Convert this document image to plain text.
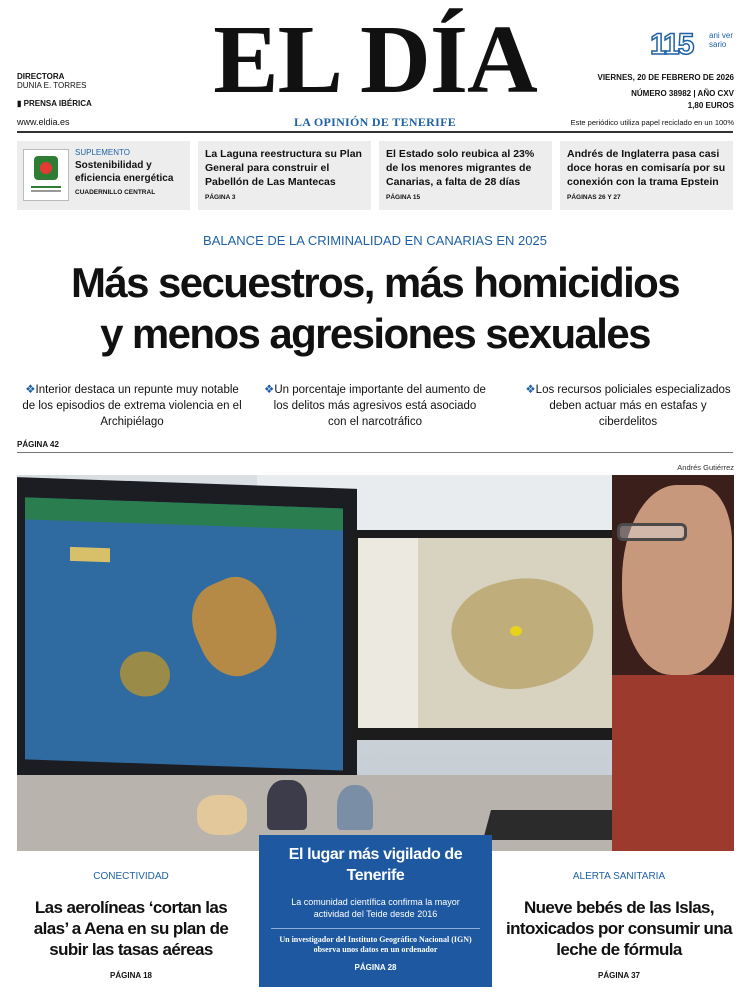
DIRECTORA
DUNIA E. TORRES
▮ PRENSA IBÉRICA
www.eldia.es
EL DÍA
LA OPINIÓN DE TENERIFE
115 ani ver sario
VIERNES, 20 DE FEBRERO DE 2026
NÚMERO 38982 | AÑO CXV
1,80 EUROS
Este periódico utiliza papel reciclado en un 100%

SUPLEMENTO

Sostenibilidad y eficiencia energética

CUADERNILLO CENTRAL

La Laguna reestructura su Plan General para construir el Pabellón de Las Mantecas

PÁGINA 3

El Estado solo reubica al 23% de los menores migrantes de Canarias, a falta de 28 días

PÁGINA 15

Andrés de Inglaterra pasa casi doce horas en comisaría por su conexión con la trama Epstein

PÁGINAS 26 Y 27

BALANCE DE LA CRIMINALIDAD EN CANARIAS EN 2025
Más secuestros, más homicidios
y menos agresiones sexuales
❖Interior destaca un repunte muy notable de los episodios de extrema violencia en el Archipiélago
❖Un porcentaje importante del aumento de los delitos más agresivos está asociado con el narcotráfico
❖Los recursos policiales especializados deben actuar más en estafas y ciberdelitos
PÁGINA 42
Andrés Gutiérrez
CONECTIVIDAD
Las aerolíneas ‘cortan las alas’ a Aena en su plan de subir las tasas aéreas
PÁGINA 18
El lugar más vigilado de Tenerife
La comunidad científica confirma la mayor actividad del Teide desde 2016
Un investigador del Instituto Geográfico Nacional (IGN) observa unos datos en un ordenador
PÁGINA 28
ALERTA SANITARIA
Nueve bebés de las Islas, intoxicados por consumir una leche de fórmula
PÁGINA 37
